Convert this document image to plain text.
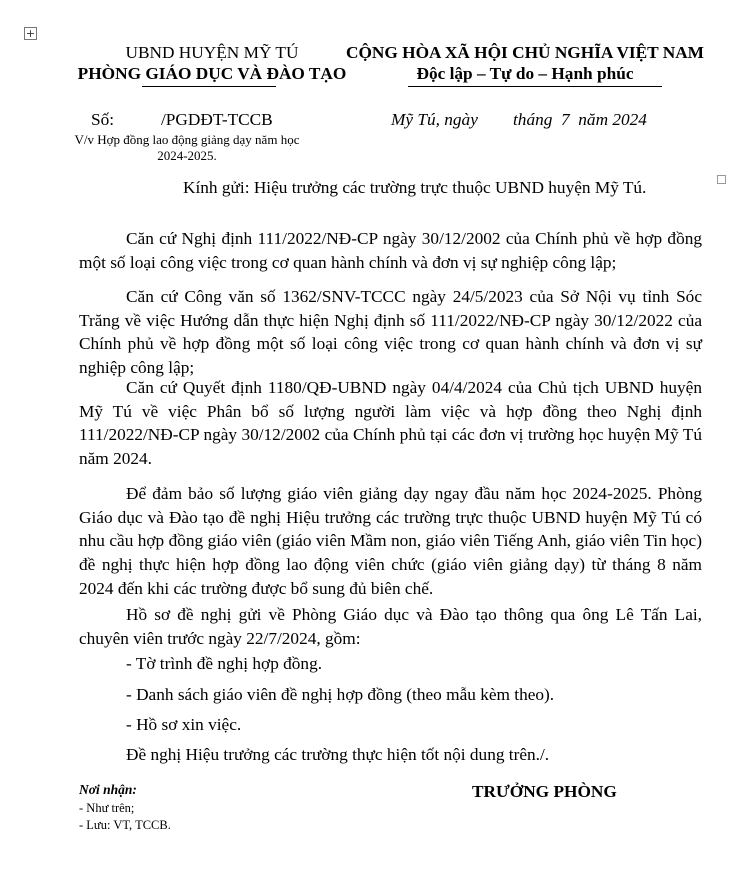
+
UBND HUYỆN MỸ TÚ
PHÒNG GIÁO DỤC VÀ ĐÀO TẠO
CỘNG HÒA XÃ HỘI CHỦ NGHĨA VIỆT NAM
Độc lập – Tự do – Hạnh phúc
Số:	/PGDĐT-TCCB	Mỹ Tú, ngày tháng  7  năm 2024
V/v Hợp đồng lao động giảng dạy năm học
2024-2025.
Kính gửi: Hiệu trưởng các trường trực thuộc UBND huyện Mỹ Tú.
Căn cứ Nghị định 111/2022/NĐ-CP ngày 30/12/2002 của Chính phủ về hợp đồng một số loại công việc trong cơ quan hành chính và đơn vị sự nghiệp công lập;
Căn cứ Công văn số 1362/SNV-TCCC ngày 24/5/2023 của Sở Nội vụ tỉnh Sóc Trăng về việc Hướng dẫn thực hiện Nghị định số 111/2022/NĐ-CP ngày 30/12/2022 của Chính phủ về hợp đồng một số loại công việc trong cơ quan hành chính và đơn vị sự nghiệp công lập;
Căn cứ Quyết định 1180/QĐ-UBND ngày 04/4/2024 của Chủ tịch UBND huyện Mỹ Tú về việc Phân bổ số lượng người làm việc và hợp đồng theo Nghị định 111/2022/NĐ-CP ngày 30/12/2002 của Chính phủ tại các đơn vị trường học huyện Mỹ Tú năm 2024.
Để đảm bảo số lượng giáo viên giảng dạy ngay đầu năm học 2024-2025. Phòng Giáo dục và Đào tạo đề nghị Hiệu trưởng các trường trực thuộc UBND huyện Mỹ Tú có nhu cầu hợp đồng giáo viên (giáo viên Mầm non, giáo viên Tiếng Anh, giáo viên Tin học) đề nghị thực hiện hợp đồng lao động viên chức (giáo viên giảng dạy) từ tháng 8 năm 2024 đến khi các trường được bổ sung đủ biên chế.
Hồ sơ đề nghị gửi về Phòng Giáo dục và Đào tạo thông qua ông Lê Tấn Lai, chuyên viên trước ngày 22/7/2024, gồm:
- Tờ trình đề nghị hợp đồng.
- Danh sách giáo viên đề nghị hợp đồng (theo mẫu kèm theo).
- Hồ sơ xin việc.
Đề nghị Hiệu trưởng các trường thực hiện tốt nội dung trên./.
Nơi nhận:
- Như trên;
- Lưu: VT, TCCB.
TRƯỞNG PHÒNG
